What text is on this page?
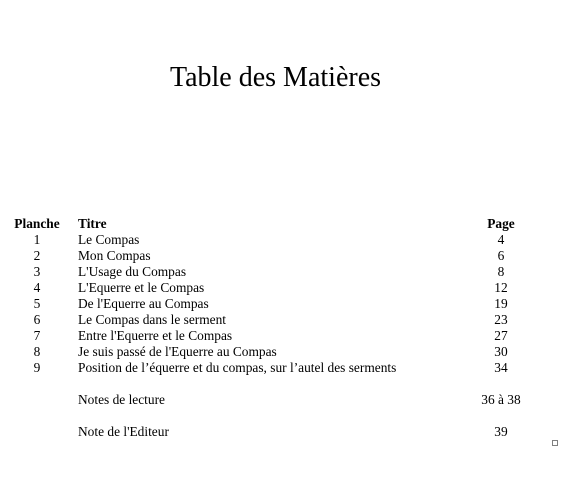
Table des Matières
Planche	Titre	Page
1	Le Compas	4
2	Mon Compas	6
3	L'Usage du Compas	8
4	L'Equerre et le Compas	12
5	De l'Equerre au Compas	19
6	Le Compas dans le serment	23
7	Entre l'Equerre et le Compas	27
8	Je suis passé de l'Equerre au Compas	30
9	Position de l’équerre et du compas, sur l’autel des serments	34
Notes de lecture	36 à 38
Note de l'Editeur	39
